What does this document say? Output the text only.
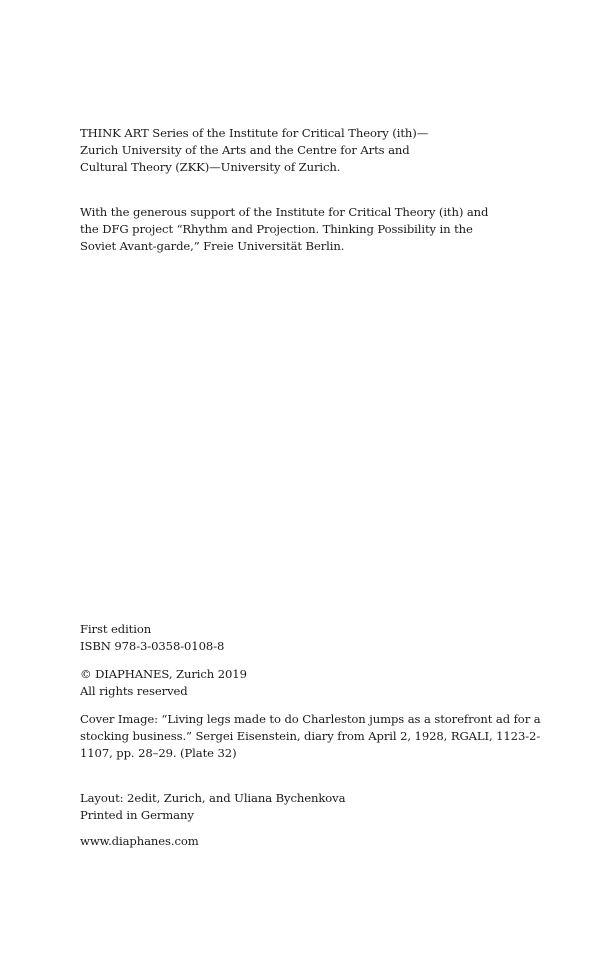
THINK ART Series of the Institute for Critical Theory (ith)—
Zurich University of the Arts and the Centre for Arts and
Cultural Theory (ZKK)—University of Zurich.

With the generous support of the Institute for Critical Theory (ith) and
the DFG project “Rhythm and Projection. Thinking Possibility in the
Soviet Avant-garde,” Freie Universität Berlin.

First edition
ISBN 978-3-0358-0108-8

© DIAPHANES, Zurich 2019
All rights reserved

Cover Image: “Living legs made to do Charleston jumps as a storefront ad for a
stocking business.” Sergei Eisenstein, diary from April 2, 1928, RGALI, 1123-2-
1107, pp. 28–29. (Plate 32)

Layout: 2edit, Zurich, and Uliana Bychenkova
Printed in Germany

www.diaphanes.com
